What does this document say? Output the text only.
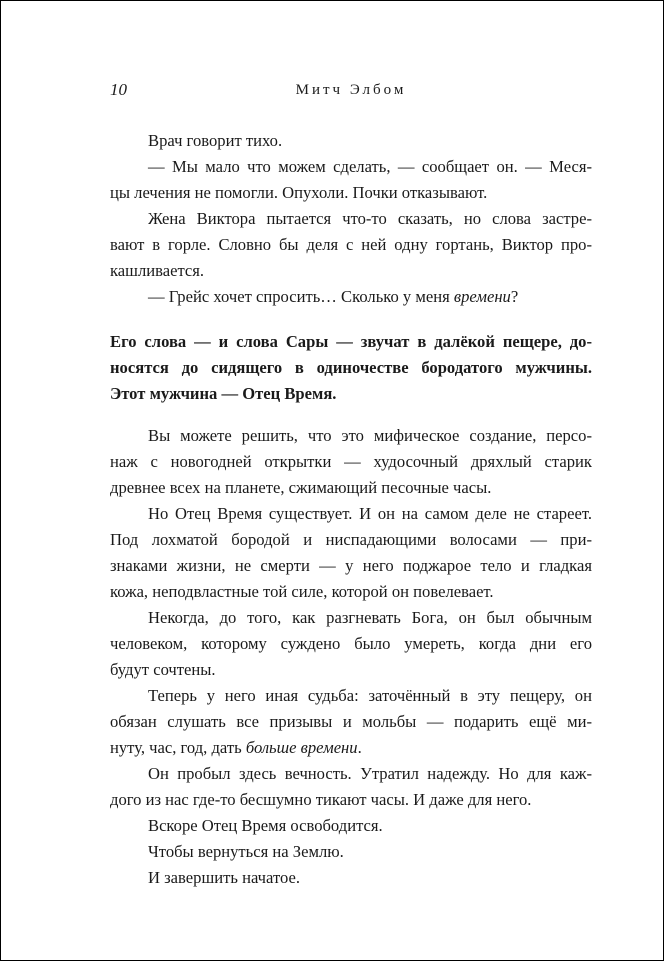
10	Митч Элбом
Врач говорит тихо.
— Мы мало что можем сделать, — сообщает он. — Меся-
цы лечения не помогли. Опухоли. Почки отказывают.
Жена Виктора пытается что-то сказать, но слова застре-
вают в горле. Словно бы деля с ней одну гортань, Виктор про-
кашливается.
— Грейс хочет спросить… Сколько у меня времени?
Его слова — и слова Сары — звучат в далёкой пещере, до-
носятся до сидящего в одиночестве бородатого мужчины.
Этот мужчина — Отец Время.
Вы можете решить, что это мифическое создание, персо-
наж с новогодней открытки — худосочный дряхлый старик
древнее всех на планете, сжимающий песочные часы.
Но Отец Время существует. И он на самом деле не стареет.
Под лохматой бородой и ниспадающими волосами — при-
знаками жизни, не смерти — у него поджарое тело и гладкая
кожа, неподвластные той силе, которой он повелевает.
Некогда, до того, как разгневать Бога, он был обычным
человеком, которому суждено было умереть, когда дни его
будут сочтены.
Теперь у него иная судьба: заточённый в эту пещеру, он
обязан слушать все призывы и мольбы — подарить ещё ми-
нуту, час, год, дать больше времени.
Он пробыл здесь вечность. Утратил надежду. Но для каж-
дого из нас где-то бесшумно тикают часы. И даже для него.
Вскоре Отец Время освободится.
Чтобы вернуться на Землю.
И завершить начатое.
